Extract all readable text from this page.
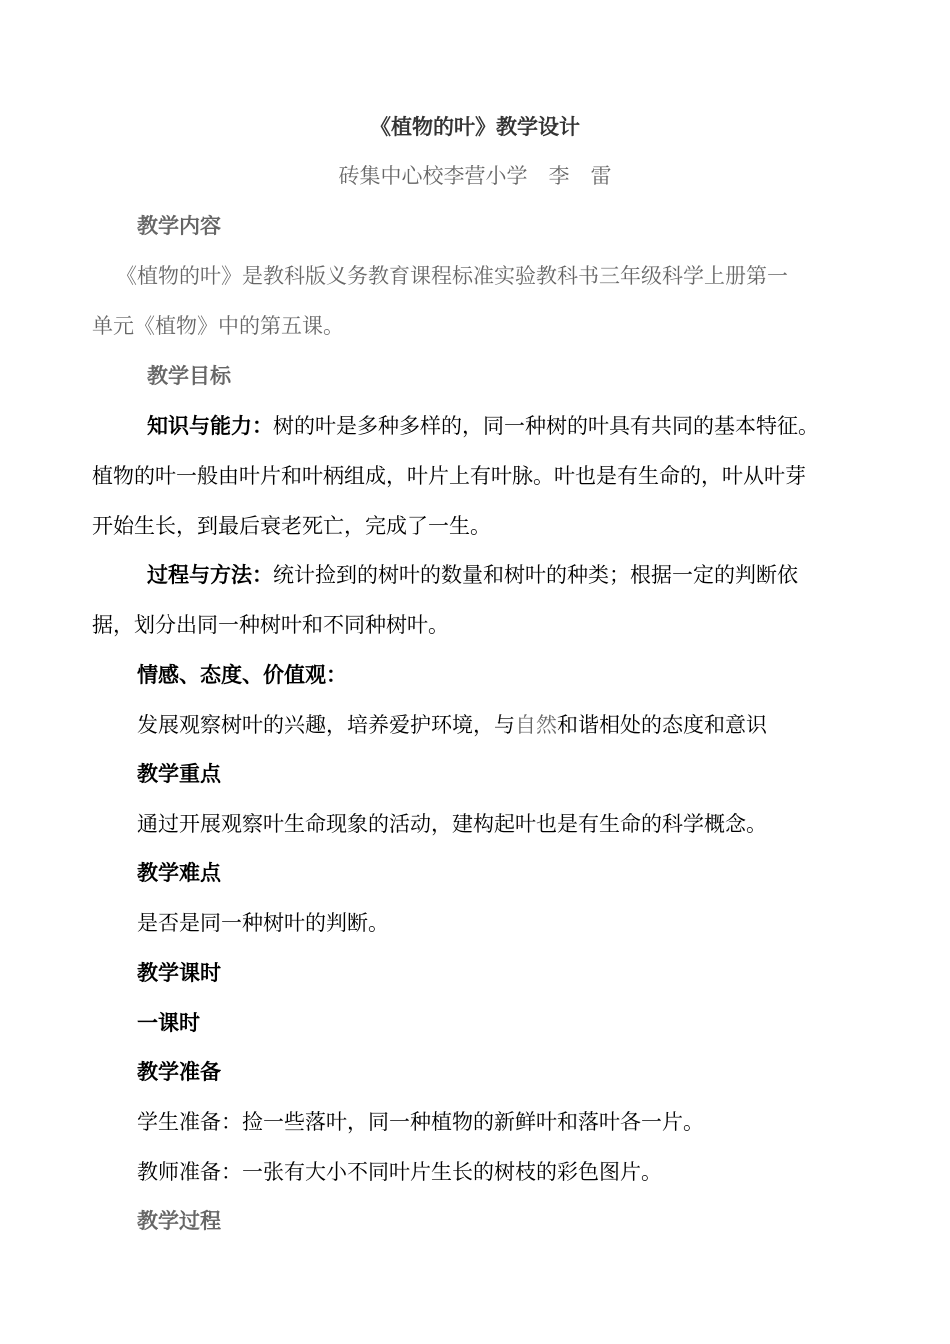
《植物的叶》教学设计
砖集中心校李营小学　李　雷
教学内容
《植物的叶》是教科版义务教育课程标准实验教科书三年级科学上册第一
单元《植物》中的第五课。
教学目标
知识与能力：树的叶是多种多样的，同一种树的叶具有共同的基本特征。
植物的叶一般由叶片和叶柄组成，叶片上有叶脉。叶也是有生命的，叶从叶芽
开始生长，到最后衰老死亡，完成了一生。
过程与方法：统计捡到的树叶的数量和树叶的种类；根据一定的判断依
据，划分出同一种树叶和不同种树叶。
情感、态度、价值观：
发展观察树叶的兴趣，培养爱护环境，与自然和谐相处的态度和意识
教学重点
通过开展观察叶生命现象的活动，建构起叶也是有生命的科学概念。
教学难点
是否是同一种树叶的判断。
教学课时
一课时
教学准备
学生准备：捡一些落叶，同一种植物的新鲜叶和落叶各一片。
教师准备：一张有大小不同叶片生长的树枝的彩色图片。
教学过程
